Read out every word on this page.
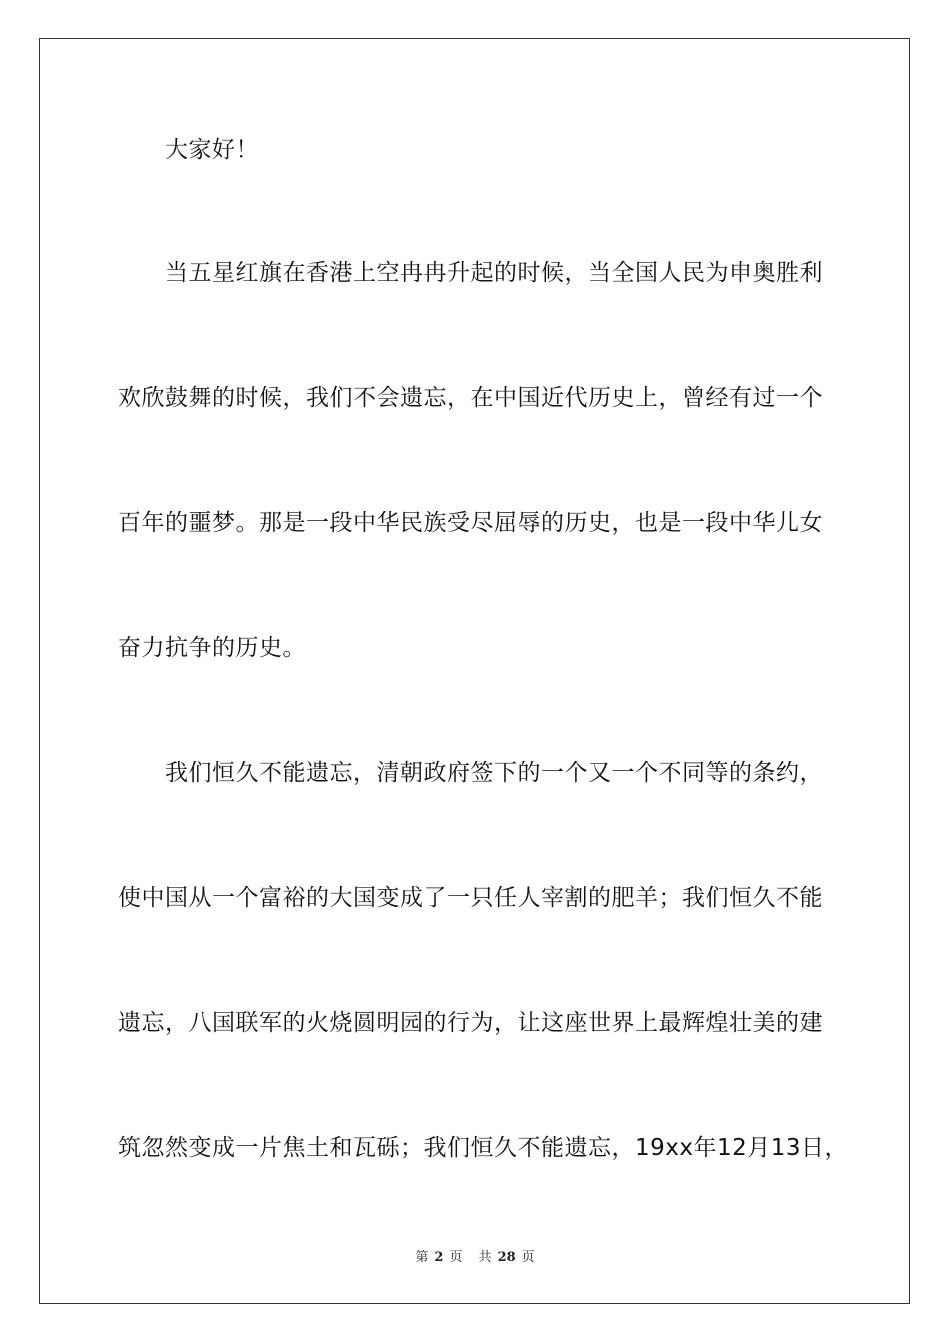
大家好！
当五星红旗在香港上空冉冉升起的时候，当全国人民为申奥胜利
欢欣鼓舞的时候，我们不会遗忘，在中国近代历史上，曾经有过一个
百年的噩梦。那是一段中华民族受尽屈辱的历史，也是一段中华儿女
奋力抗争的历史。
我们恒久不能遗忘，清朝政府签下的一个又一个不同等的条约，
使中国从一个富裕的大国变成了一只任人宰割的肥羊；我们恒久不能
遗忘，八国联军的火烧圆明园的行为，让这座世界上最辉煌壮美的建
筑忽然变成一片焦土和瓦砾；我们恒久不能遗忘，19xx年12月13日，
第 2 页 共 28 页
